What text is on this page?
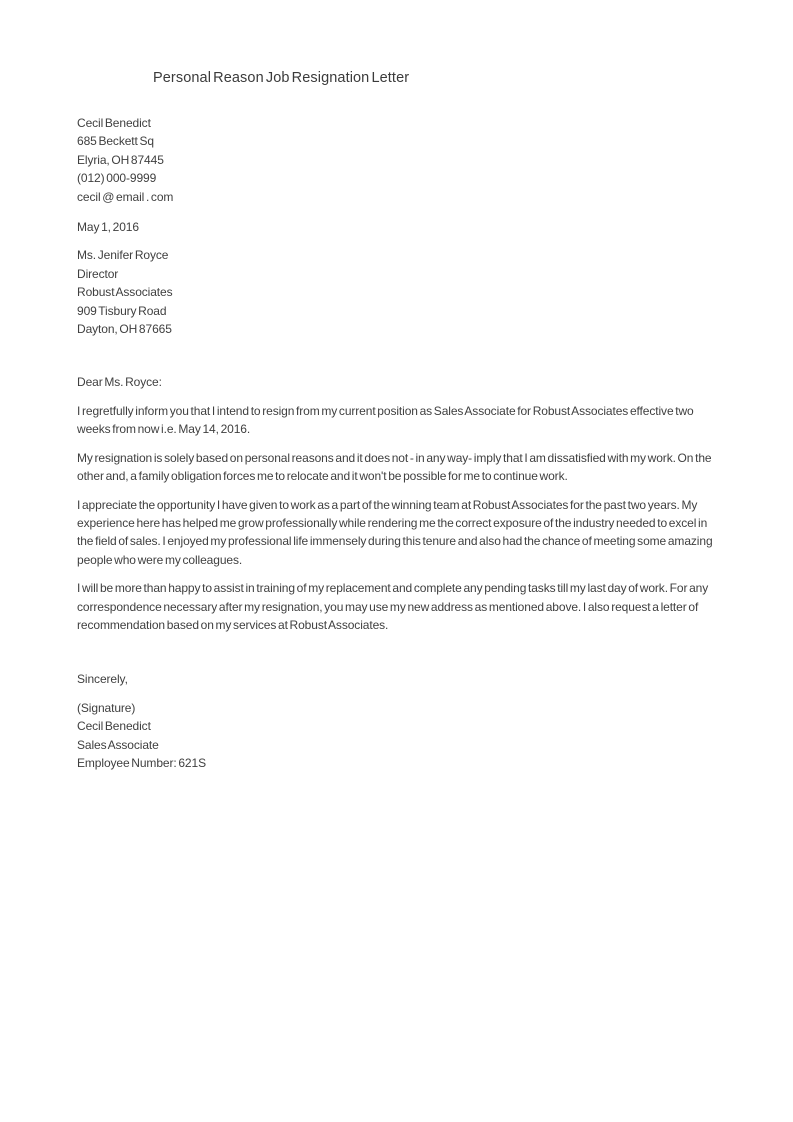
Personal Reason Job Resignation Letter
Cecil Benedict
685 Beckett Sq
Elyria, OH 87445
(012) 000-9999
cecil @ email . com
May 1, 2016
Ms. Jenifer Royce
Director
Robust Associates
909 Tisbury Road
Dayton, OH 87665
Dear Ms. Royce:

I regretfully inform you that I intend to resign from my current position as Sales Associate for Robust Associates effective two weeks from now i.e. May 14, 2016.

My resignation is solely based on personal reasons and it does not - in any way- imply that I am dissatisfied with my work. On the other and, a family obligation forces me to relocate and it won't be possible for me to continue work.

I appreciate the opportunity I have given to work as a part of the winning team at Robust Associates for the past two years. My experience here has helped me grow professionally while rendering me the correct exposure of the industry needed to excel in the field of sales. I enjoyed my professional life immensely during this tenure and also had the chance of meeting some amazing people who were my colleagues.

I will be more than happy to assist in training of my replacement and complete any pending tasks till my last day of work. For any correspondence necessary after my resignation, you may use my new address as mentioned above. I also request a letter of recommendation based on my services at Robust Associates.

Sincerely,
(Signature)
Cecil Benedict
Sales Associate
Employee Number: 621S
